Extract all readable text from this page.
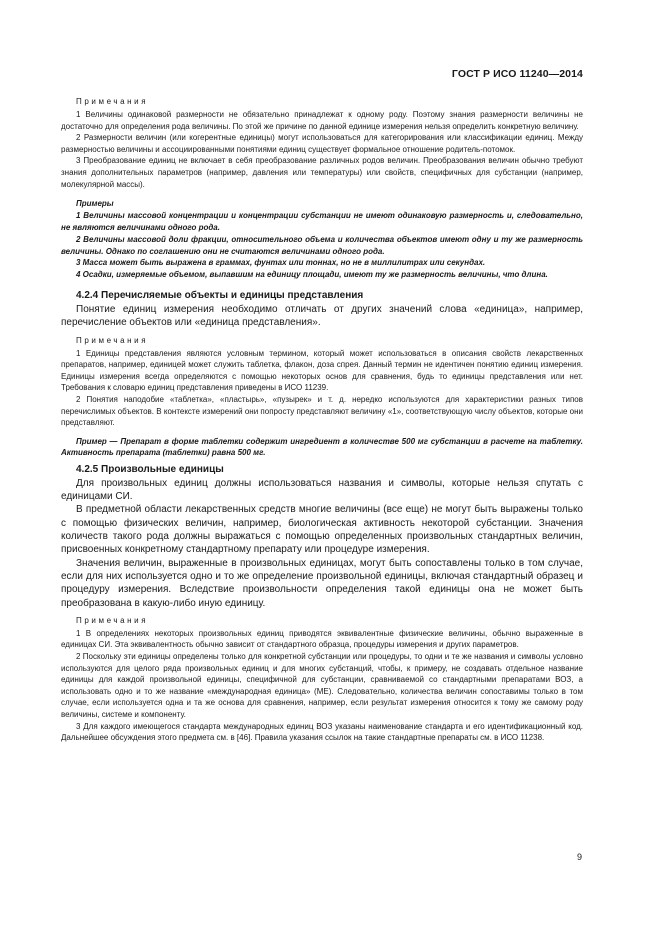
ГОСТ Р ИСО 11240—2014
Примечания

1 Величины одинаковой размерности не обязательно принадлежат к одному роду. Поэтому знания размерности величины не достаточно для определения рода величины. По этой же причине по данной единице измерения нельзя определить конкретную величину.

2 Размерности величин (или когерентные единицы) могут использоваться для категорирования или классификации единиц. Между размерностью величины и ассоциированными понятиями единиц существует формальное отношение родитель-потомок.

3 Преобразование единиц не включает в себя преобразование различных родов величин. Преобразования величин обычно требуют знания дополнительных параметров (например, давления или температуры) или свойств, специфичных для субстанции (например, молекулярной массы).

Примеры

1 Величины массовой концентрации и концентрации субстанции не имеют одинаковую размерность и, следовательно, не являются величинами одного рода.

2 Величины массовой доли фракции, относительного объема и количества объектов имеют одну и ту же размерность величины. Однако по соглашению они не считаются величинами одного рода.

3 Масса может быть выражена в граммах, фунтах или тоннах, но не в миллилитрах или секундах.

4 Осадки, измеряемые объемом, выпавшим на единицу площади, имеют ту же размерность величины, что длина.

4.2.4 Перечисляемые объекты и единицы представления

Понятие единиц измерения необходимо отличать от других значений слова «единица», например, перечисление объектов или «единица представления».

Примечания

1 Единицы представления являются условным термином, который может использоваться в описания свойств лекарственных препаратов, например, единицей может служить таблетка, флакон, доза спрея. Данный термин не идентичен понятию единиц измерения. Единицы измерения всегда определяются с помощью некоторых основ для сравнения, будь то единицы представления или нет. Требования к словарю единиц представления приведены в ИСО 11239.

2 Понятия наподобие «таблетка», «пластырь», «пузырек» и т. д. нередко используются для характеристики разных типов перечислимых объектов. В контексте измерений они попросту представляют величину «1», соответствующую числу объектов, которые они представляют.

Пример — Препарат в форме таблетки содержит ингредиент в количестве 500 мг субстанции в расчете на таблетку. Активность препарата (таблетки) равна 500 мг.

4.2.5 Произвольные единицы

Для произвольных единиц должны использоваться названия и символы, которые нельзя спутать с единицами СИ.

В предметной области лекарственных средств многие величины (все еще) не могут быть выражены только с помощью физических величин, например, биологическая активность некоторой субстанции. Значения количеств такого рода должны выражаться с помощью определенных произвольных стандартных величин, присвоенных конкретному стандартному препарату или процедуре измерения.

Значения величин, выраженные в произвольных единицах, могут быть сопоставлены только в том случае, если для них используется одно и то же определение произвольной единицы, включая стандартный образец и процедуру измерения. Вследствие произвольности определения такой единицы она не может быть преобразована в какую-либо иную единицу.

Примечания

1 В определениях некоторых произвольных единиц приводятся эквивалентные физические величины, обычно выраженные в единицах СИ. Эта эквивалентность обычно зависит от стандартного образца, процедуры измерения и других параметров.

2 Поскольку эти единицы определены только для конкретной субстанции или процедуры, то одни и те же названия и символы условно используются для целого ряда произвольных единиц и для многих субстанций, чтобы, к примеру, не создавать отдельное название единицы для каждой произвольной единицы, специфичной для субстанции, сравниваемой со стандартными препаратами ВОЗ, а использовать одно и то же название «международная единица» (МЕ). Следовательно, количества величин сопоставимы только в том случае, если используется одна и та же основа для сравнения, например, если результат измерения относится к тому же самому роду величины, системе и компоненту.

3 Для каждого имеющегося стандарта международных единиц ВОЗ указаны наименование стандарта и его идентификационный код. Дальнейшее обсуждения этого предмета см. в [46]. Правила указания ссылок на такие стандартные препараты см. в ИСО 11238.

9
